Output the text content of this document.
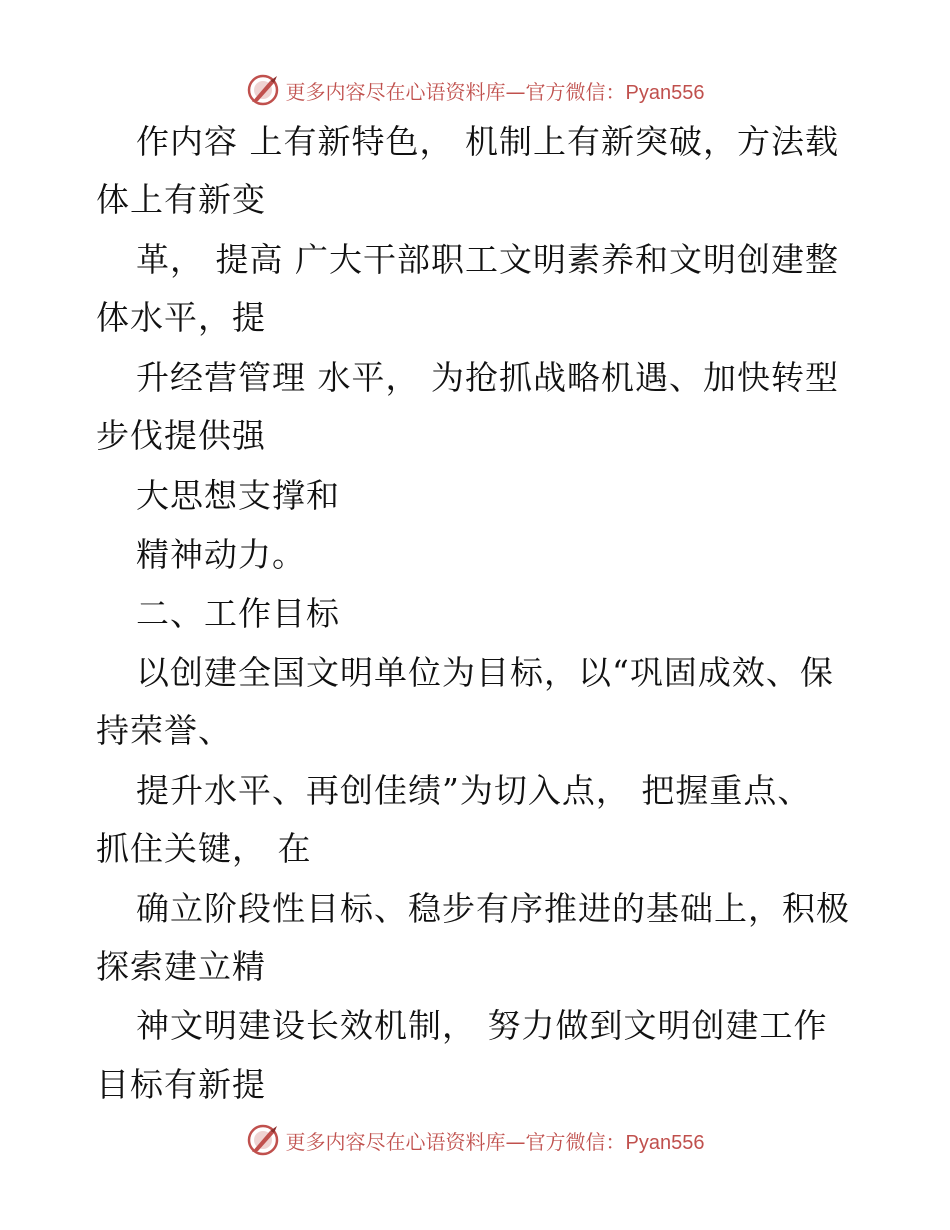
更多内容尽在心语资料库—官方微信：Pyan556
作内容 上有新特色， 机制上有新突破，方法载
体上有新变
革， 提高 广大干部职工文明素养和文明创建整
体水平，提
升经营管理 水平， 为抢抓战略机遇、加快转型
步伐提供强
大思想支撑和
精神动力。
二、工作目标
以创建全国文明单位为目标，以“巩固成效、保
持荣誉、
提升水平、再创佳绩”为切入点， 把握重点、
抓住关键， 在
确立阶段性目标、稳步有序推进的基础上，积极
探索建立精
神文明建设长效机制， 努力做到文明创建工作
目标有新提
更多内容尽在心语资料库—官方微信：Pyan556
